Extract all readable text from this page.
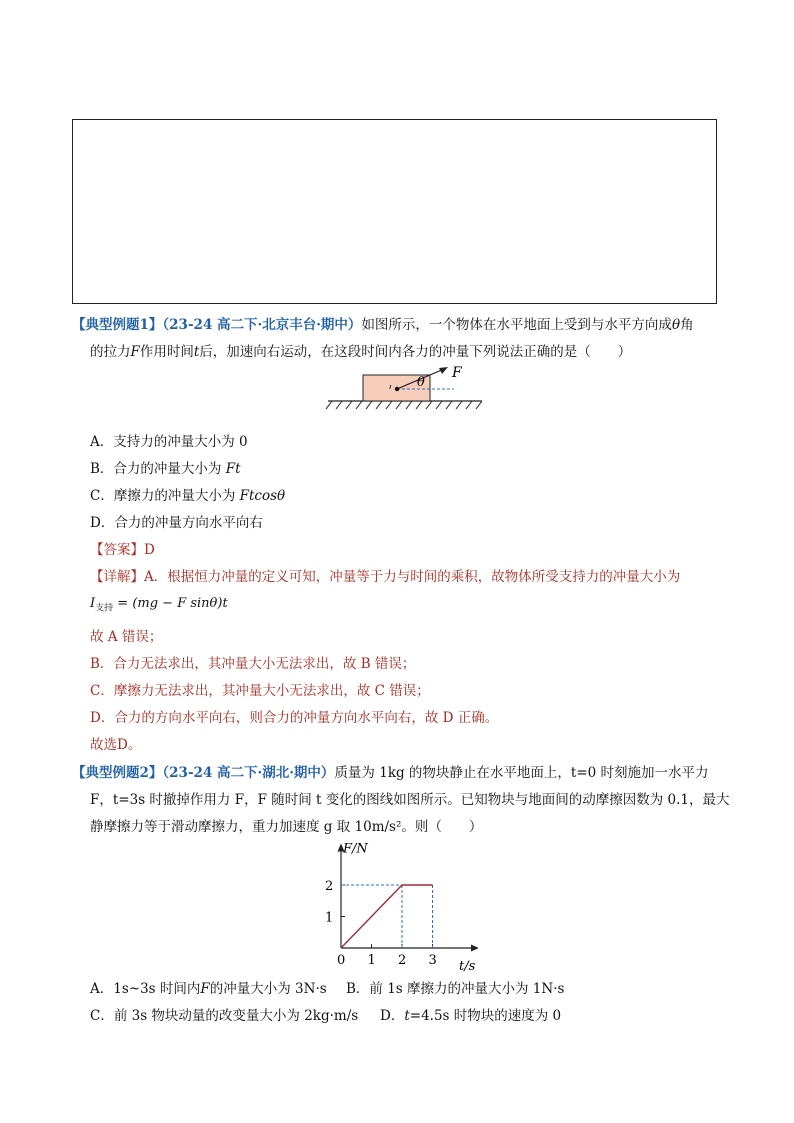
【典型例题1】（23-24 高二下·北京丰台·期中）如图所示，一个物体在水平地面上受到与水平方向成θ角
的拉力F作用时间t后，加速向右运动，在这段时间内各力的冲量下列说法正确的是（　　）
F
θ
A．支持力的冲量大小为 0
B．合力的冲量大小为 Ft
C．摩擦力的冲量大小为 Ftcosθ
D．合力的冲量方向水平向右
【答案】D
【详解】A．根据恒力冲量的定义可知，冲量等于力与时间的乘积，故物体所受支持力的冲量大小为
$I_{支持} = (mg - F$ sinθ)t
故 A 错误；
B．合力无法求出，其冲量大小无法求出，故 B 错误；
C．摩擦力无法求出，其冲量大小无法求出，故 C 错误；
D．合力的方向水平向右，则合力的冲量方向水平向右，故 D 正确。
故选D。
【典型例题2】（23-24 高二下·湖北·期中）质量为 1kg 的物块静止在水平地面上，t=0 时刻施加一水平力
F，t=3s 时撤掉作用力 F，F 随时间 t 变化的图线如图所示。已知物块与地面间的动摩擦因数为 0.1，最大
静摩擦力等于滑动摩擦力，重力加速度 g 取 10m/s²。则（　　）
0 1 2 3
1
2
t/s
F/N
A．1s~3s 时间内F的冲量大小为 3N·s B．前 1s 摩擦力的冲量大小为 1N·s
C．前 3s 物块动量的改变量大小为 2kg·m/s D．t=4.5s 时物块的速度为 0
